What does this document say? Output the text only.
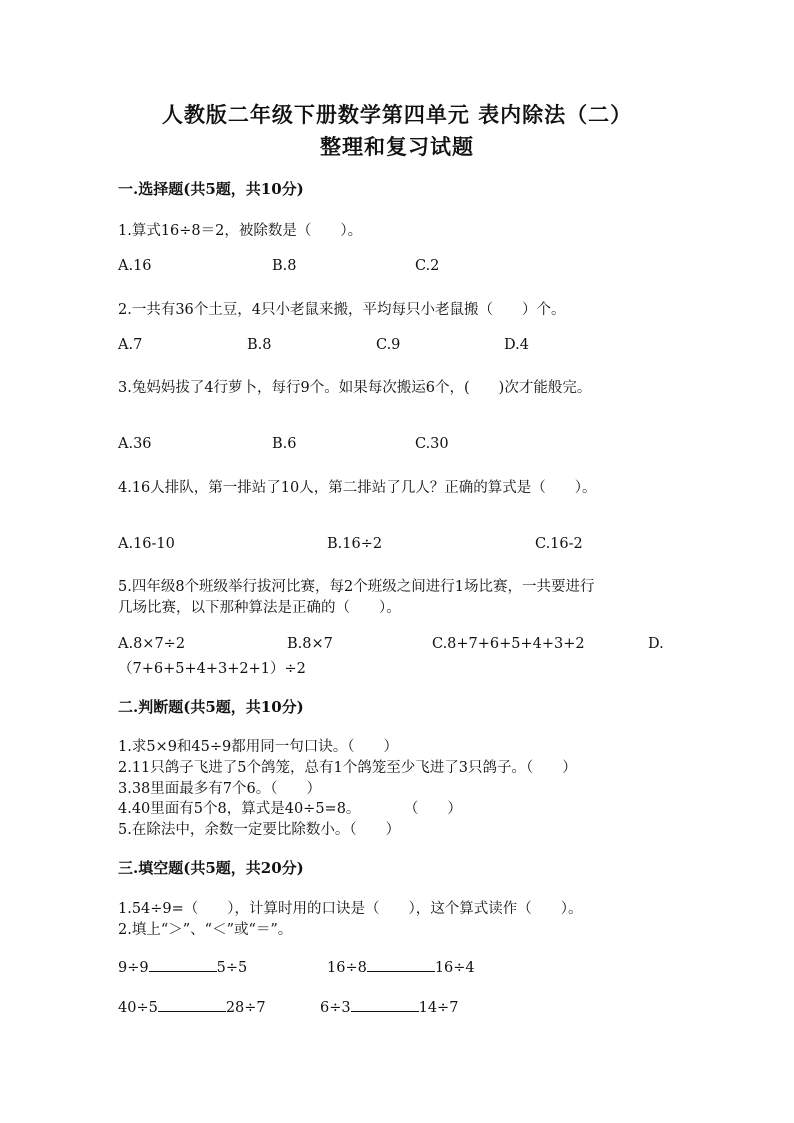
人教版二年级下册数学第四单元 表内除法（二）
整理和复习试题
一.选择题(共5题，共10分)
1.算式16÷8＝2，被除数是（　　）。
A.16	B.8	C.2
2.一共有36个土豆，4只小老鼠来搬，平均每只小老鼠搬（　　）个。
A.7	B.8	C.9	D.4
3.兔妈妈拔了4行萝卜，每行9个。如果每次搬运6个，(　　)次才能般完。
A.36	B.6	C.30
4.16人排队，第一排站了10人，第二排站了几人？正确的算式是（　　）。
A.16-10	B.16÷2	C.16-2
5.四年级8个班级举行拔河比赛，每2个班级之间进行1场比赛，一共要进行
几场比赛，以下那种算法是正确的（　　）。
A.8×7÷2	B.8×7	C.8+7+6+5+4+3+2	D.
（7+6+5+4+3+2+1）÷2
二.判断题(共5题，共10分)
1.求5×9和45÷9都用同一句口诀。（　　）
2.11只鸽子飞进了5个鸽笼，总有1个鸽笼至少飞进了3只鸽子。（　　）
3.38里面最多有7个6。（　　）
4.40里面有5个8，算式是40÷5=8。　　　　（　　）
5.在除法中，余数一定要比除数小。（　　）
三.填空题(共5题，共20分)
1.54÷9=（　　），计算时用的口诀是（　　），这个算式读作（　　）。
2.填上“＞”、“＜”或“＝”。
9÷9	5÷5	16÷8	16÷4
40÷5	28÷7	6÷3	14÷7
